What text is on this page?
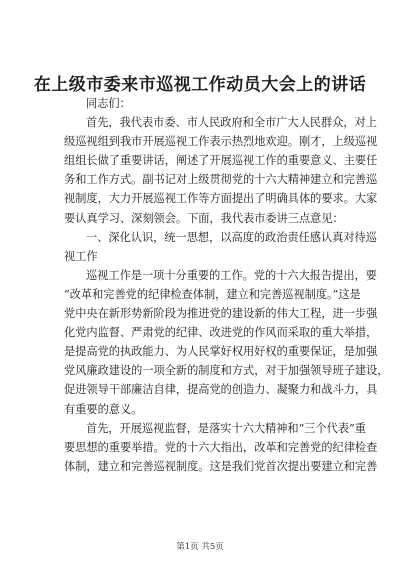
在上级市委来市巡视工作动员大会上的讲话
同志们：
首先，我代表市委、市人民政府和全市广大人民群众，对上
级巡视组到我市开展巡视工作表示热烈地欢迎。刚才，上级巡视
组组长做了重要讲话，阐述了开展巡视工作的重要意义、主要任
务和工作方式。副书记对上级贯彻党的十六大精神建立和完善巡
视制度，大力开展巡视工作等方面提出了明确具体的要求。大家
要认真学习、深刻领会。下面，我代表市委讲三点意见：
一、深化认识，统一思想，以高度的政治责任感认真对待巡
视工作
巡视工作是一项十分重要的工作。党的十六大报告提出，要
“改革和完善党的纪律检查体制，建立和完善巡视制度。”这是
党中央在新形势新阶段为推进党的建设新的伟大工程，进一步强
化党内监督、严肃党的纪律、改进党的作风而采取的重大举措，
是提高党的执政能力、为人民掌好权用好权的重要保证，是加强
党风廉政建设的一项全新的制度和方式，对于加强领导班子建设，
促进领导干部廉洁自律，提高党的创造力、凝聚力和战斗力，具
有重要的意义。
首先，开展巡视监督，是落实十六大精神和“三个代表”重
要思想的重要举措。党的十六大指出，改革和完善党的纪律检查
体制，建立和完善巡视制度。这是我们党首次提出要建立和完善
第1页 共5页
